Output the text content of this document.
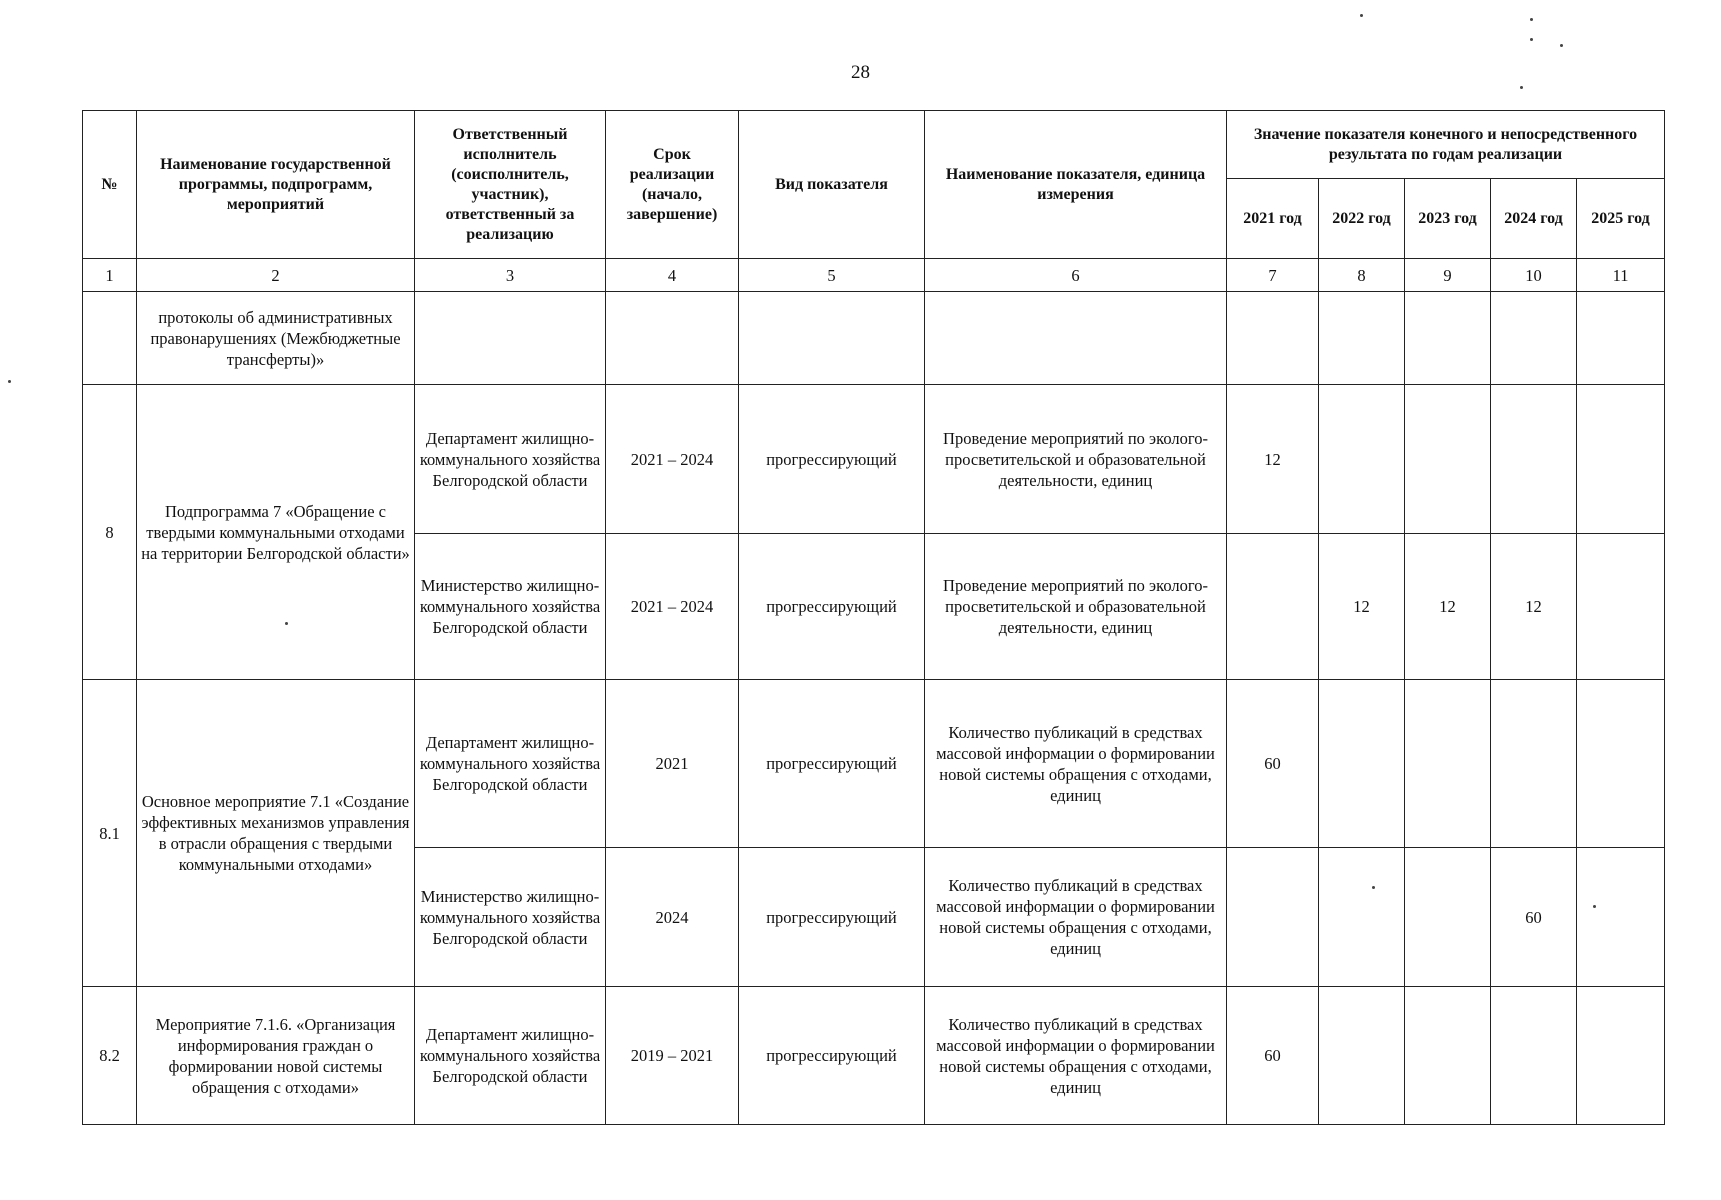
28
№	Наименование государственной программы, подпрограмм, мероприятий	Ответственный исполнитель (соисполнитель, участник), ответственный за реализацию	Срок реализации (начало, завершение)	Вид показателя	Наименование показателя, единица измерения	Значение показателя конечного и непосредственного результата по годам реализации				
						2021 год	2022 год	2023 год	2024 год	2025 год
1	2	3	4	5	6	7	8	9	10	11
	протоколы об административных правонарушениях (Межбюджетные трансферты)»									
8	Подпрограмма 7 «Обращение с твердыми коммунальными отходами на территории Белгородской области»	Департамент жилищно-коммунального хозяйства Белгородской области	2021 – 2024	прогрессирующий	Проведение мероприятий по эколого- просветительской и образовательной деятельности, единиц	12				
		Министерство жилищно-коммунального хозяйства Белгородской области	2021 – 2024	прогрессирующий	Проведение мероприятий по эколого- просветительской и образовательной деятельности, единиц		12	12	12	
8.1	Основное мероприятие 7.1 «Создание эффективных механизмов управления в отрасли обращения с твердыми коммунальными отходами»	Департамент жилищно-коммунального хозяйства Белгородской области	2021	прогрессирующий	Количество публикаций в средствах массовой информации о формировании новой системы обращения с отходами, единиц	60				
		Министерство жилищно-коммунального хозяйства Белгородской области	2024	прогрессирующий	Количество публикаций в средствах массовой информации о формировании новой системы обращения с отходами, единиц				60	
8.2	Мероприятие 7.1.6. «Организация информирования граждан о формировании новой системы обращения с отходами»	Департамент жилищно-коммунального хозяйства Белгородской области	2019 – 2021	прогрессирующий	Количество публикаций в средствах массовой информации о формировании новой системы обращения с отходами, единиц	60				
